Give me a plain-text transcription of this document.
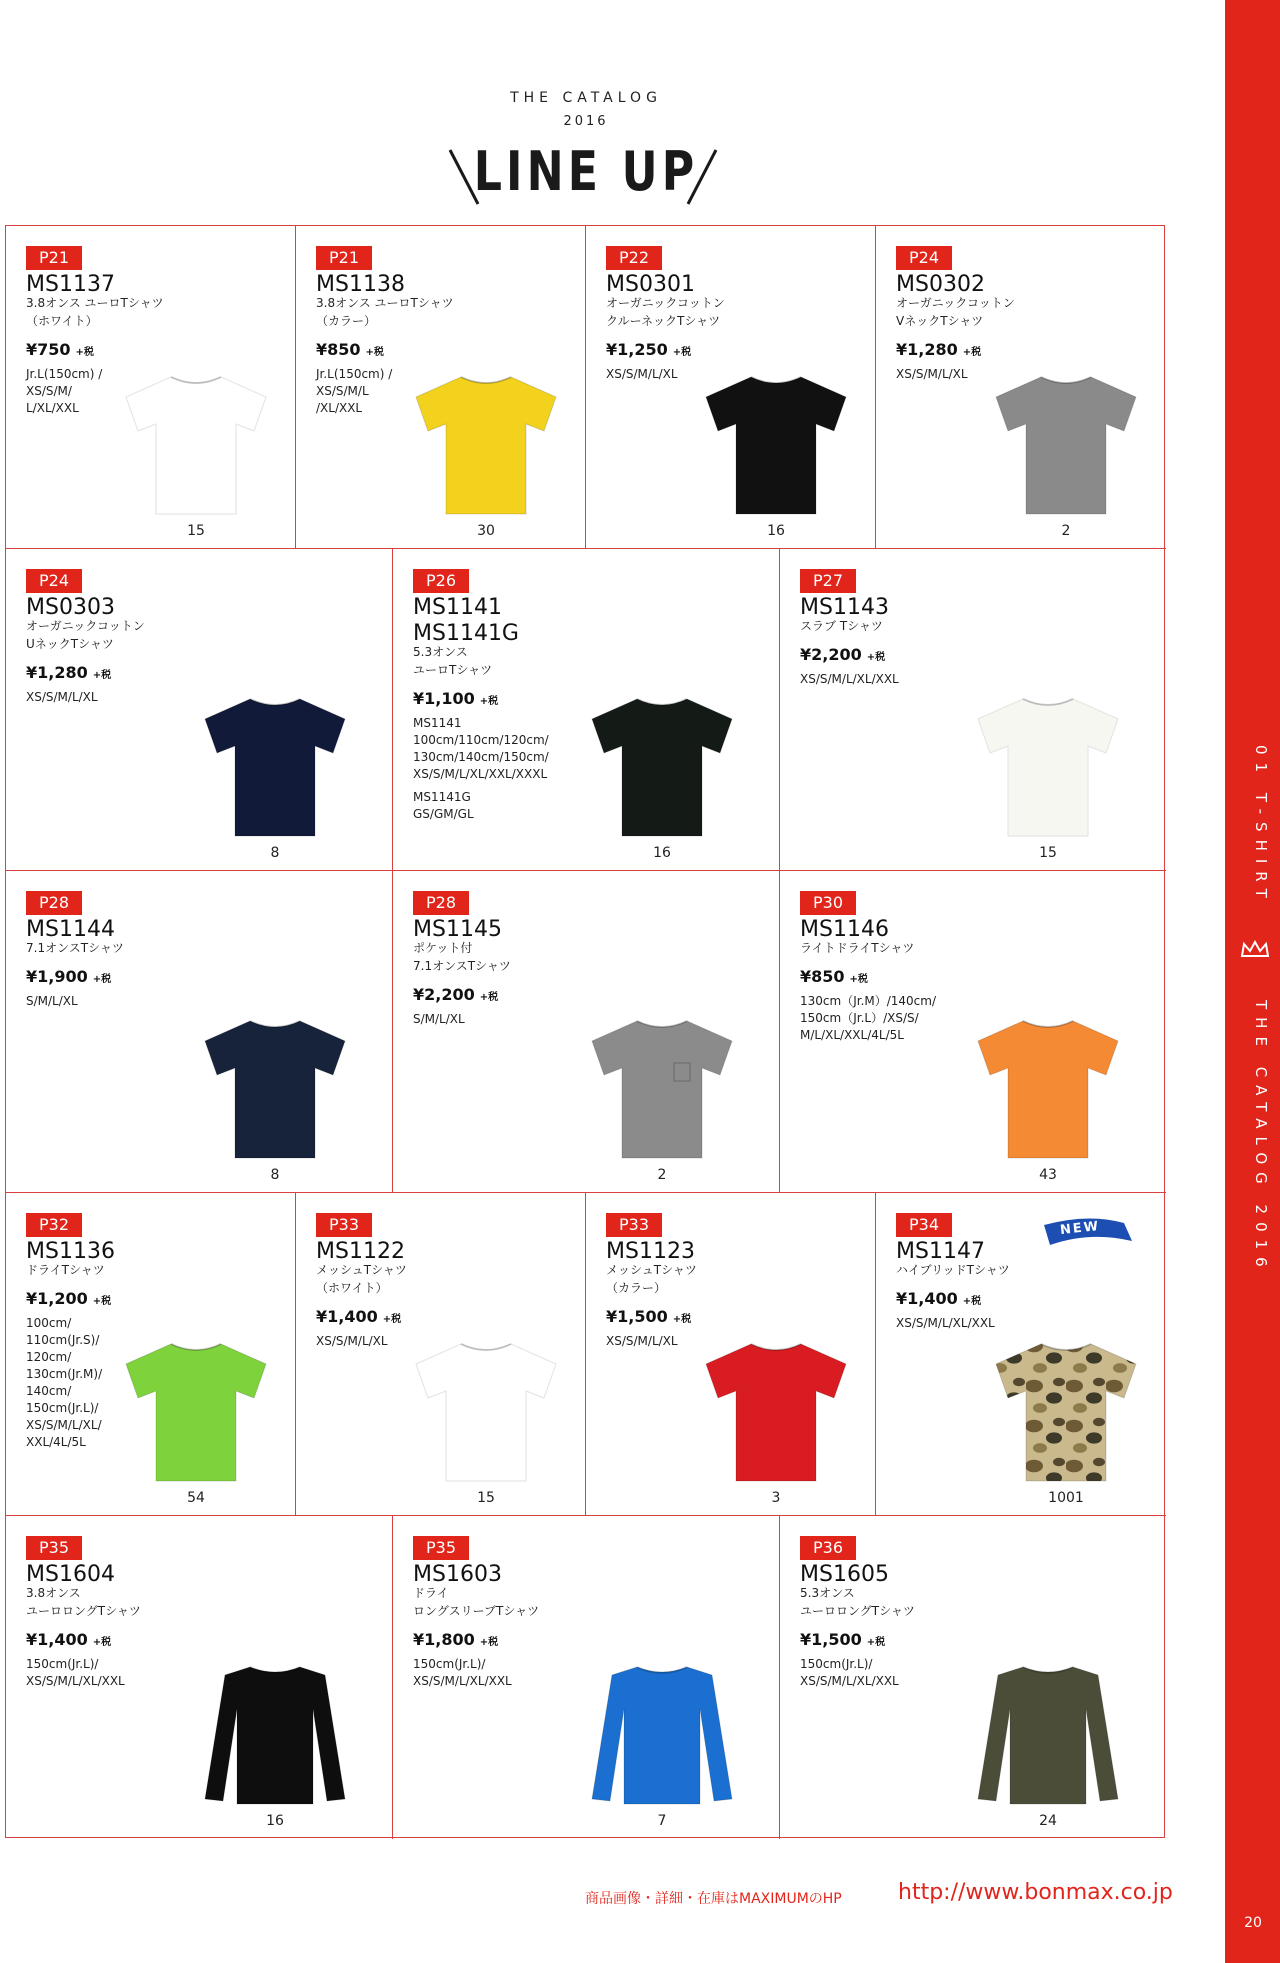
01 T-SHIRT
THE CATALOG 2016
20
THE CATALOG
2016
LINE UP
P21
MS1137
3.8オンス ユーロTシャツ
（ホワイト）
¥750 +税
Jr.L(150cm) /
XS/S/M/
L/XL/XXL
15
P21
MS1138
3.8オンス ユーロTシャツ
（カラー）
¥850 +税
Jr.L(150cm) /
XS/S/M/L
/XL/XXL
30
P22
MS0301
オーガニックコットン
クルーネックTシャツ
¥1,250 +税
XS/S/M/L/XL
16
P24
MS0302
オーガニックコットン
VネックTシャツ
¥1,280 +税
XS/S/M/L/XL
2
P24
MS0303
オーガニックコットン
UネックTシャツ
¥1,280 +税
XS/S/M/L/XL
8
P26
MS1141
MS1141G
5.3オンス
ユーロTシャツ
¥1,100 +税
MS1141
100cm/110cm/120cm/
130cm/140cm/150cm/
XS/S/M/L/XL/XXL/XXXL

MS1141G
GS/GM/GL
16
P27
MS1143
スラブ Tシャツ
¥2,200 +税
XS/S/M/L/XL/XXL
15
P28
MS1144
7.1オンスTシャツ
¥1,900 +税
S/M/L/XL
8
P28
MS1145
ポケット付
7.1オンスTシャツ
¥2,200 +税
S/M/L/XL
2
P30
MS1146
ライトドライTシャツ
¥850 +税
130cm（Jr.M）/140cm/
150cm（Jr.L）/XS/S/
M/L/XL/XXL/4L/5L
43
P32
MS1136
ドライTシャツ
¥1,200 +税
100cm/
110cm(Jr.S)/
120cm/
130cm(Jr.M)/
140cm/
150cm(Jr.L)/
XS/S/M/L/XL/
XXL/4L/5L
54
P33
MS1122
メッシュTシャツ
（ホワイト）
¥1,400 +税
XS/S/M/L/XL
15
P33
MS1123
メッシュTシャツ
（カラー）
¥1,500 +税
XS/S/M/L/XL
3
P34
MS1147
ハイブリッドTシャツ
¥1,400 +税
XS/S/M/L/XL/XXL
1001
NEW
P35
MS1604
3.8オンス
ユーロロングTシャツ
¥1,400 +税
150cm(Jr.L)/
XS/S/M/L/XL/XXL
16
P35
MS1603
ドライ
ロングスリーブTシャツ
¥1,800 +税
150cm(Jr.L)/
XS/S/M/L/XL/XXL
7
P36
MS1605
5.3オンス
ユーロロングTシャツ
¥1,500 +税
150cm(Jr.L)/
XS/S/M/L/XL/XXL
24
商品画像・詳細・在庫はMAXIMUMのHP	http://www.bonmax.co.jp
